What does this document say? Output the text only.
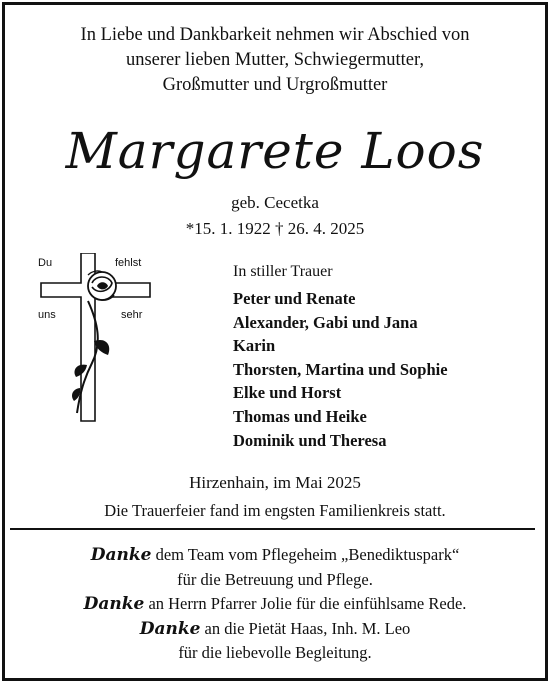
In Liebe und Dankbarkeit nehmen wir Abschied von
unserer lieben Mutter, Schwiegermutter,
Großmutter und Urgroßmutter
Margarete Loos
geb. Cecetka
*15. 1. 1922 † 26. 4. 2025
Du	fehlst
uns	sehr
In stiller Trauer
Peter und Renate
Alexander, Gabi und Jana
Karin
Thorsten, Martina und Sophie
Elke und Horst
Thomas und Heike
Dominik und Theresa
Hirzenhain, im Mai 2025
Die Trauerfeier fand im engsten Familienkreis statt.
Danke dem Team vom Pflegeheim „Benediktuspark“
für die Betreuung und Pflege.
Danke an Herrn Pfarrer Jolie für die einfühlsame Rede.
Danke an die Pietät Haas, Inh. M. Leo
für die liebevolle Begleitung.
